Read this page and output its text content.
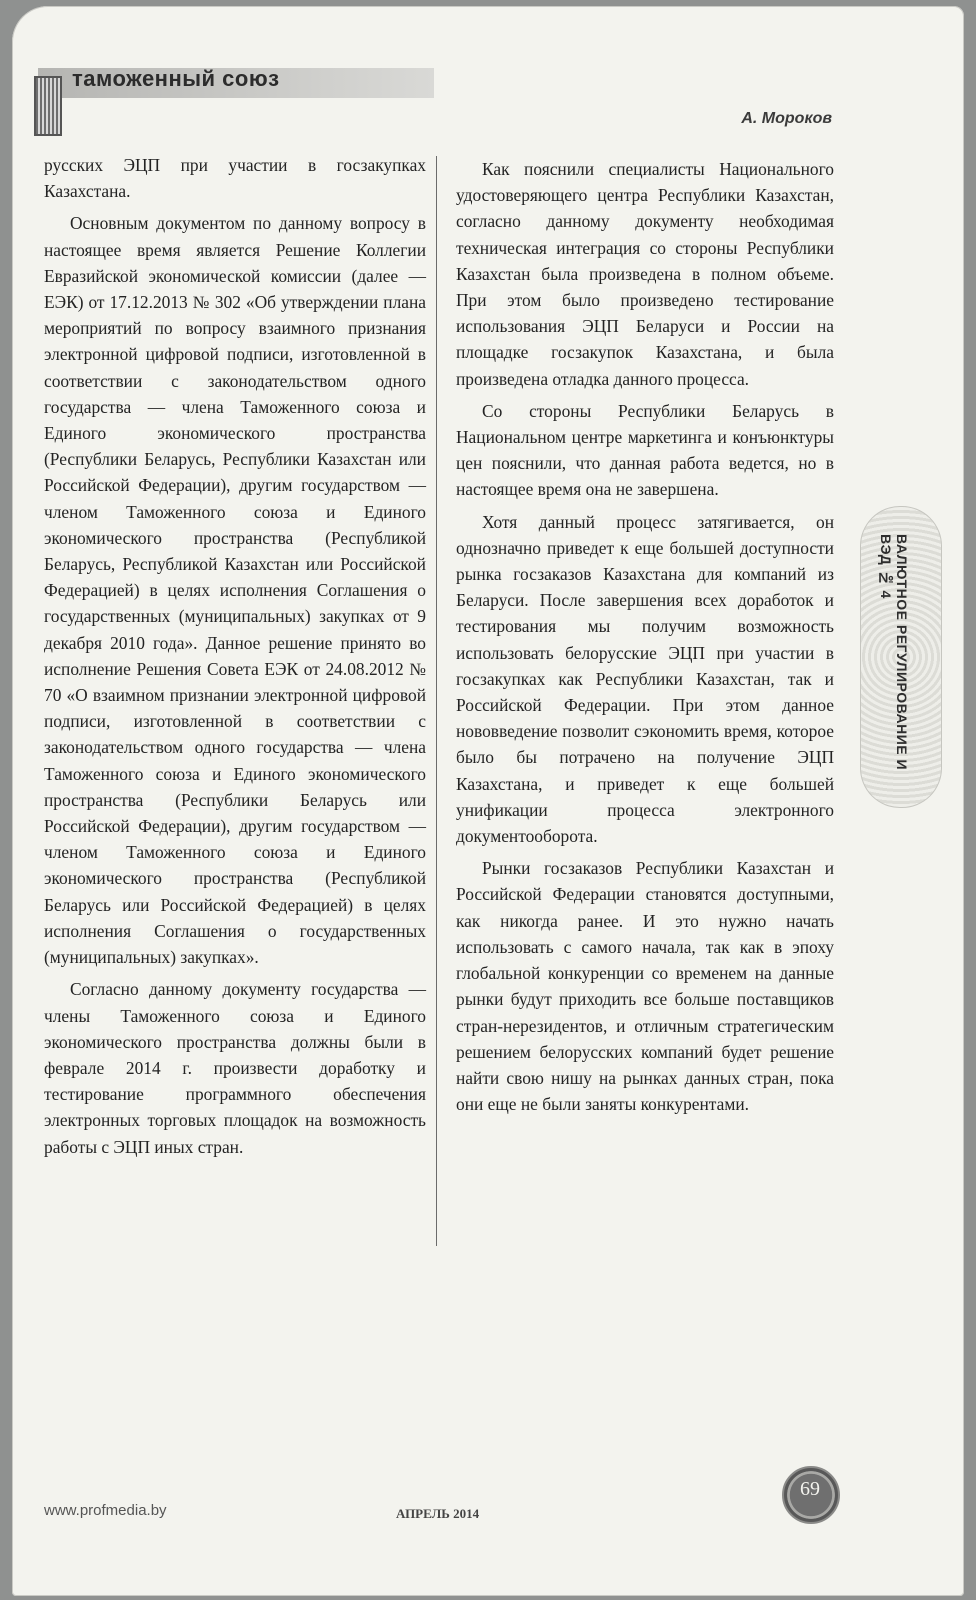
таможенный союз
А. Мороков

русских ЭЦП при участии в госзакупках Казахстана.

Основным документом по данному вопросу в настоящее время является Решение Коллегии Евразийской экономической комиссии (далее — ЕЭК) от 17.12.2013 № 302 «Об утверждении плана мероприятий по вопросу взаимного признания электронной цифровой подписи, изготовленной в соответствии с законодательством одного государства — члена Таможенного союза и Единого экономического пространства (Республики Беларусь, Республики Казахстан или Российской Федерации), другим государством — членом Таможенного союза и Единого экономического пространства (Республикой Беларусь, Республикой Казахстан или Российской Федерацией) в целях исполнения Соглашения о государственных (муниципальных) закупках от 9 декабря 2010 года». Данное решение принято во исполнение Решения Совета ЕЭК от 24.08.2012 № 70 «О взаимном признании электронной цифровой подписи, изготовленной в соответствии с законодательством одного государства — члена Таможенного союза и Единого экономического пространства (Республики Беларусь или Российской Федерации), другим государством — членом Таможенного союза и Единого экономического пространства (Республикой Беларусь или Российской Федерацией) в целях исполнения Соглашения о государственных (муниципальных) закупках».

Согласно данному документу государства — члены Таможенного союза и Единого экономического пространства должны были в феврале 2014 г. произвести доработку и тестирование программного обеспечения электронных торговых площадок на возможность работы с ЭЦП иных стран.

Как пояснили специалисты Национального удостоверяющего центра Республики Казахстан, согласно данному документу необходимая техническая интеграция со стороны Республики Казахстан была произведена в полном объеме. При этом было произведено тестирование использования ЭЦП Беларуси и России на площадке госзакупок Казахстана, и была произведена отладка данного процесса.

Со стороны Республики Беларусь в Национальном центре маркетинга и конъюнктуры цен пояснили, что данная работа ведется, но в настоящее время она не завершена.

Хотя данный процесс затягивается, он однозначно приведет к еще большей доступности рынка госзаказов Казахстана для компаний из Беларуси. После завершения всех доработок и тестирования мы получим возможность использовать белорусские ЭЦП при участии в госзакупках как Республики Казахстан, так и Российской Федерации. При этом данное нововведение позволит сэкономить время, которое было бы потрачено на получение ЭЦП Казахстана, и приведет к еще большей унификации процесса электронного документооборота.

Рынки госзаказов Республики Казахстан и Российской Федерации становятся доступными, как никогда ранее. И это нужно начать использовать с самого начала, так как в эпоху глобальной конкуренции со временем на данные рынки будут приходить все больше поставщиков стран-нерезидентов, и отличным стратегическим решением белорусских компаний будет решение найти свою нишу на рынках данных стран, пока они еще не были заняты конкурентами.

ВАЛЮТНОЕ РЕГУЛИРОВАНИЕ И ВЭД № 4
www.profmedia.by	АПРЕЛЬ 2014
69
